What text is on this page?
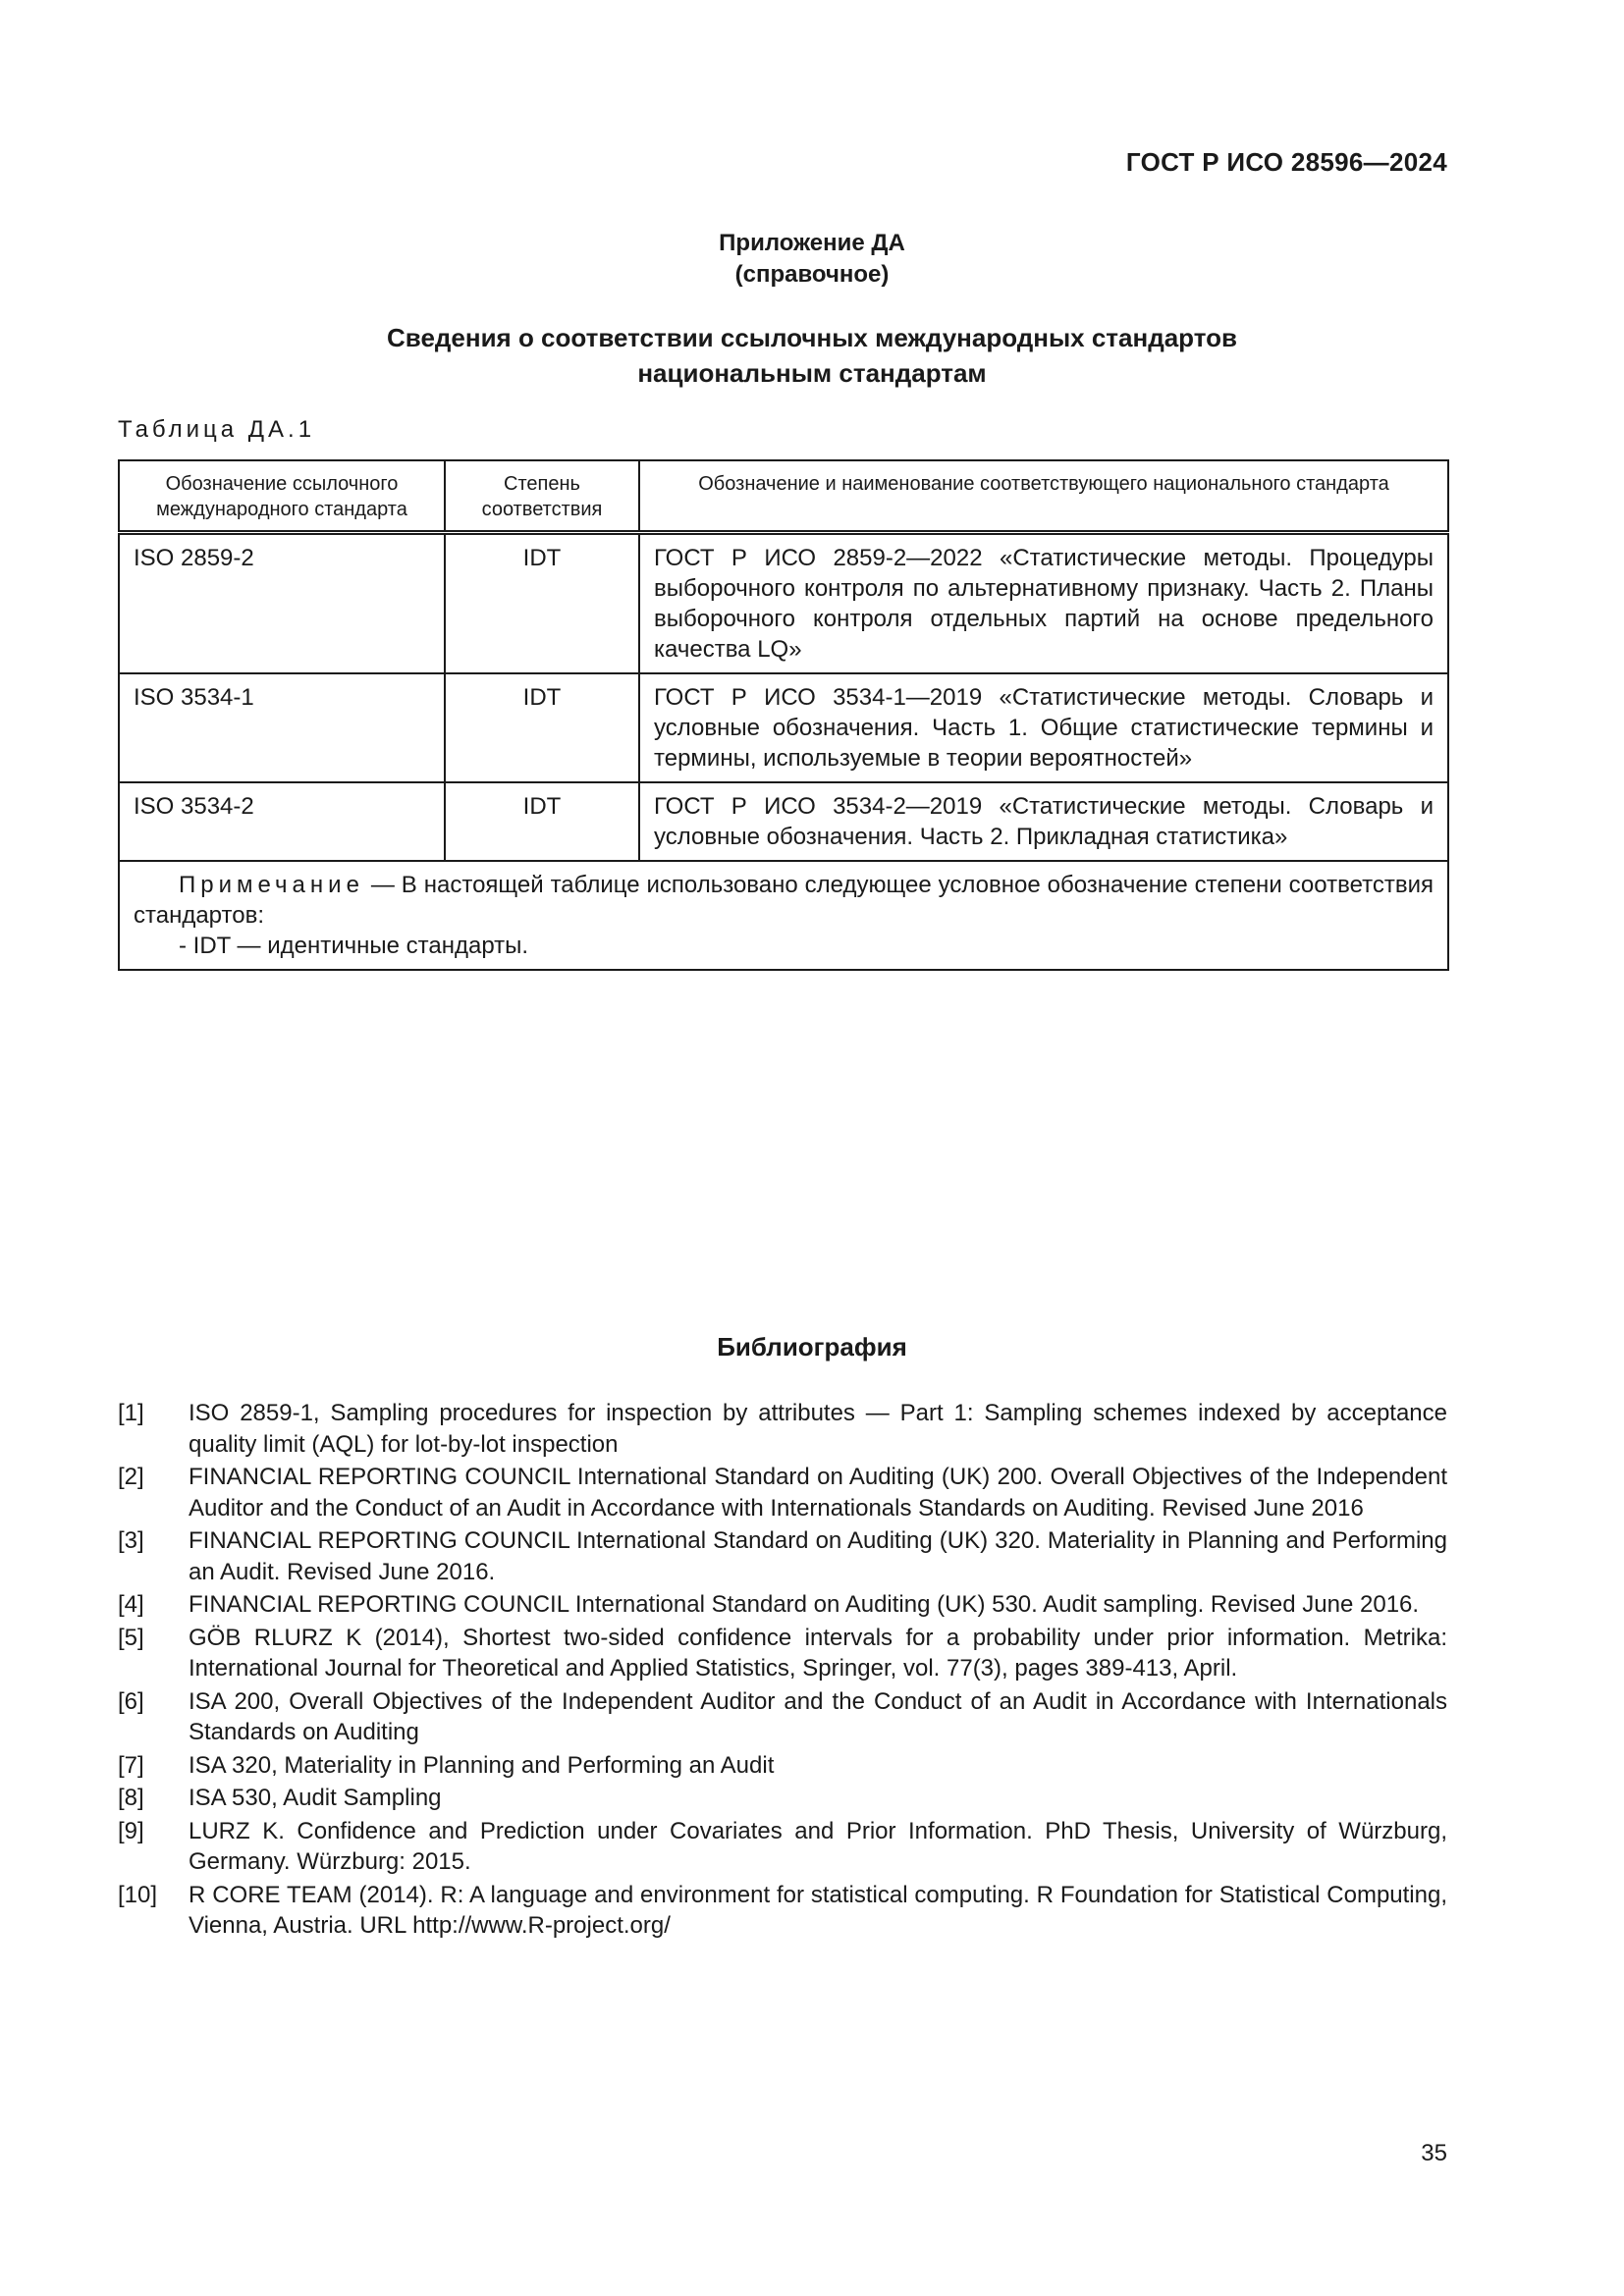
ГОСТ Р ИСО 28596—2024
Приложение ДА
(справочное)
Сведения о соответствии ссылочных международных стандартов
национальным стандартам
Таблица ДА.1
Обозначение ссылочного международного стандарта	Степень соответствия	Обозначение и наименование соответствующего национального стандарта
ISO 2859-2	IDT	ГОСТ Р ИСО 2859-2—2022 «Статистические методы. Процедуры выборочного контроля по альтернативному признаку. Часть 2. Планы выборочного контроля отдельных партий на основе предельного качества LQ»
ISO 3534-1	IDT	ГОСТ Р ИСО 3534-1—2019 «Статистические методы. Словарь и условные обозначения. Часть 1. Общие статистические термины и термины, используемые в теории вероятностей»
ISO 3534-2	IDT	ГОСТ Р ИСО 3534-2—2019 «Статистические методы. Словарь и условные обозначения. Часть 2. Прикладная статистика»

Примечание — В настоящей таблице использовано следующее условное обозначение степени соответствия стандартов:
- IDT — идентичные стандарты.		
Библиография
[1]	ISO 2859-1, Sampling procedures for inspection by attributes — Part 1: Sampling schemes indexed by acceptance quality limit (AQL) for lot-by-lot inspection
[2]	FINANCIAL REPORTING COUNCIL International Standard on Auditing (UK) 200. Overall Objectives of the Independent Auditor and the Conduct of an Audit in Accordance with Internationals Standards on Auditing. Revised June 2016
[3]	FINANCIAL REPORTING COUNCIL International Standard on Auditing (UK) 320. Materiality in Planning and Performing an Audit. Revised June 2016.
[4]	FINANCIAL REPORTING COUNCIL International Standard on Auditing (UK) 530. Audit sampling. Revised June 2016.
[5]	GÖB RLURZ K (2014), Shortest two-sided confidence intervals for a probability under prior information. Metrika: International Journal for Theoretical and Applied Statistics, Springer, vol. 77(3), pages 389-413, April.
[6]	ISA 200, Overall Objectives of the Independent Auditor and the Conduct of an Audit in Accordance with Internationals Standards on Auditing
[7]	ISA 320, Materiality in Planning and Performing an Audit
[8]	ISA 530, Audit Sampling
[9]	LURZ K. Confidence and Prediction under Covariates and Prior Information. PhD Thesis, University of Würzburg, Germany. Würzburg: 2015.
[10]	R CORE TEAM (2014). R: A language and environment for statistical computing. R Foundation for Statistical Computing, Vienna, Austria. URL http://www.R-project.org/
35
